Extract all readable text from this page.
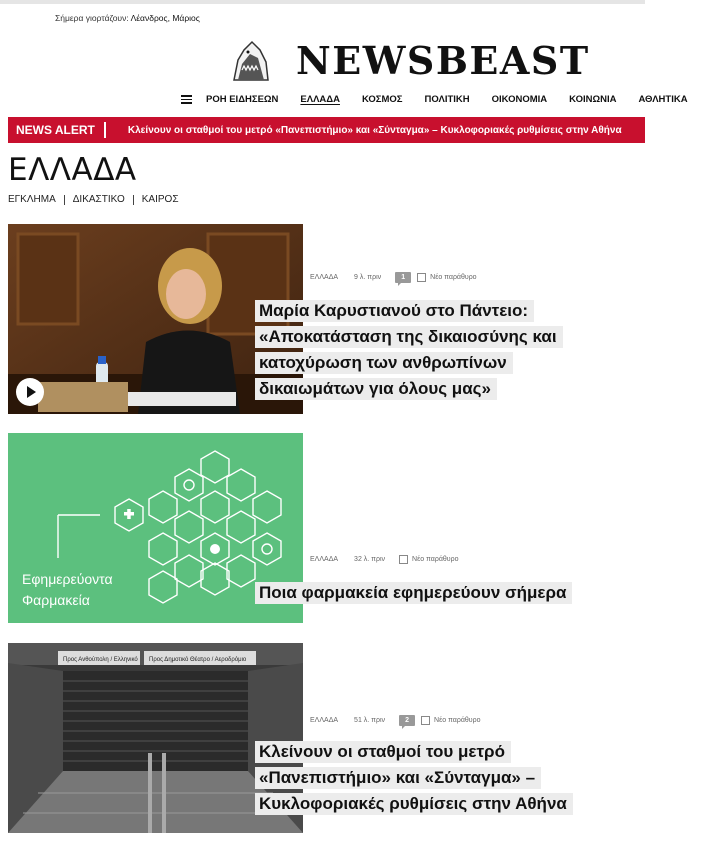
Σήμερα γιορτάζουν: Λέανδρος, Μάριος
NEWSBEAST
ΡΟΗ ΕΙΔΗΣΕΩΝ ΕΛΛΑΔΑ ΚΟΣΜΟΣ ΠΟΛΙΤΙΚΗ ΟΙΚΟΝΟΜΙΑ ΚΟΙΝΩΝΙΑ ΑΘΛΗΤΙΚΑ
NEWS ALERT	Κλείνουν οι σταθμοί του μετρό «Πανεπιστήμιο» και «Σύνταγμα» – Κυκλοφοριακές ρυθμίσεις στην Αθήνα
ΕΛΛΑΔΑ
ΕΓΚΛΗΜΑ ΔΙΚΑΣΤΙΚΟ ΚΑΙΡΟΣ
ΕΛΛΑΔΑ 9 λ. πριν	1	Νέο παράθυρο
Μαρία Καρυστιανού στο Πάντειο: «Αποκατάσταση της δικαιοσύνης και κατοχύρωση των ανθρωπίνων δικαιωμάτων για όλους μας»
Εφημερεύοντα
Φαρμακεία
ΕΛΛΑΔΑ 32 λ. πριν	Νέο παράθυρο
Ποια φαρμακεία εφημερεύουν σήμερα
Προς Ανθούπολη / Ελληνικό Προς Δημοτικό Θέατρο / Αεροδρόμιο
ΕΛΛΑΔΑ 51 λ. πριν	2	Νέο παράθυρο
Κλείνουν οι σταθμοί του μετρό «Πανεπιστήμιο» και «Σύνταγμα» – Κυκλοφοριακές ρυθμίσεις στην Αθήνα
